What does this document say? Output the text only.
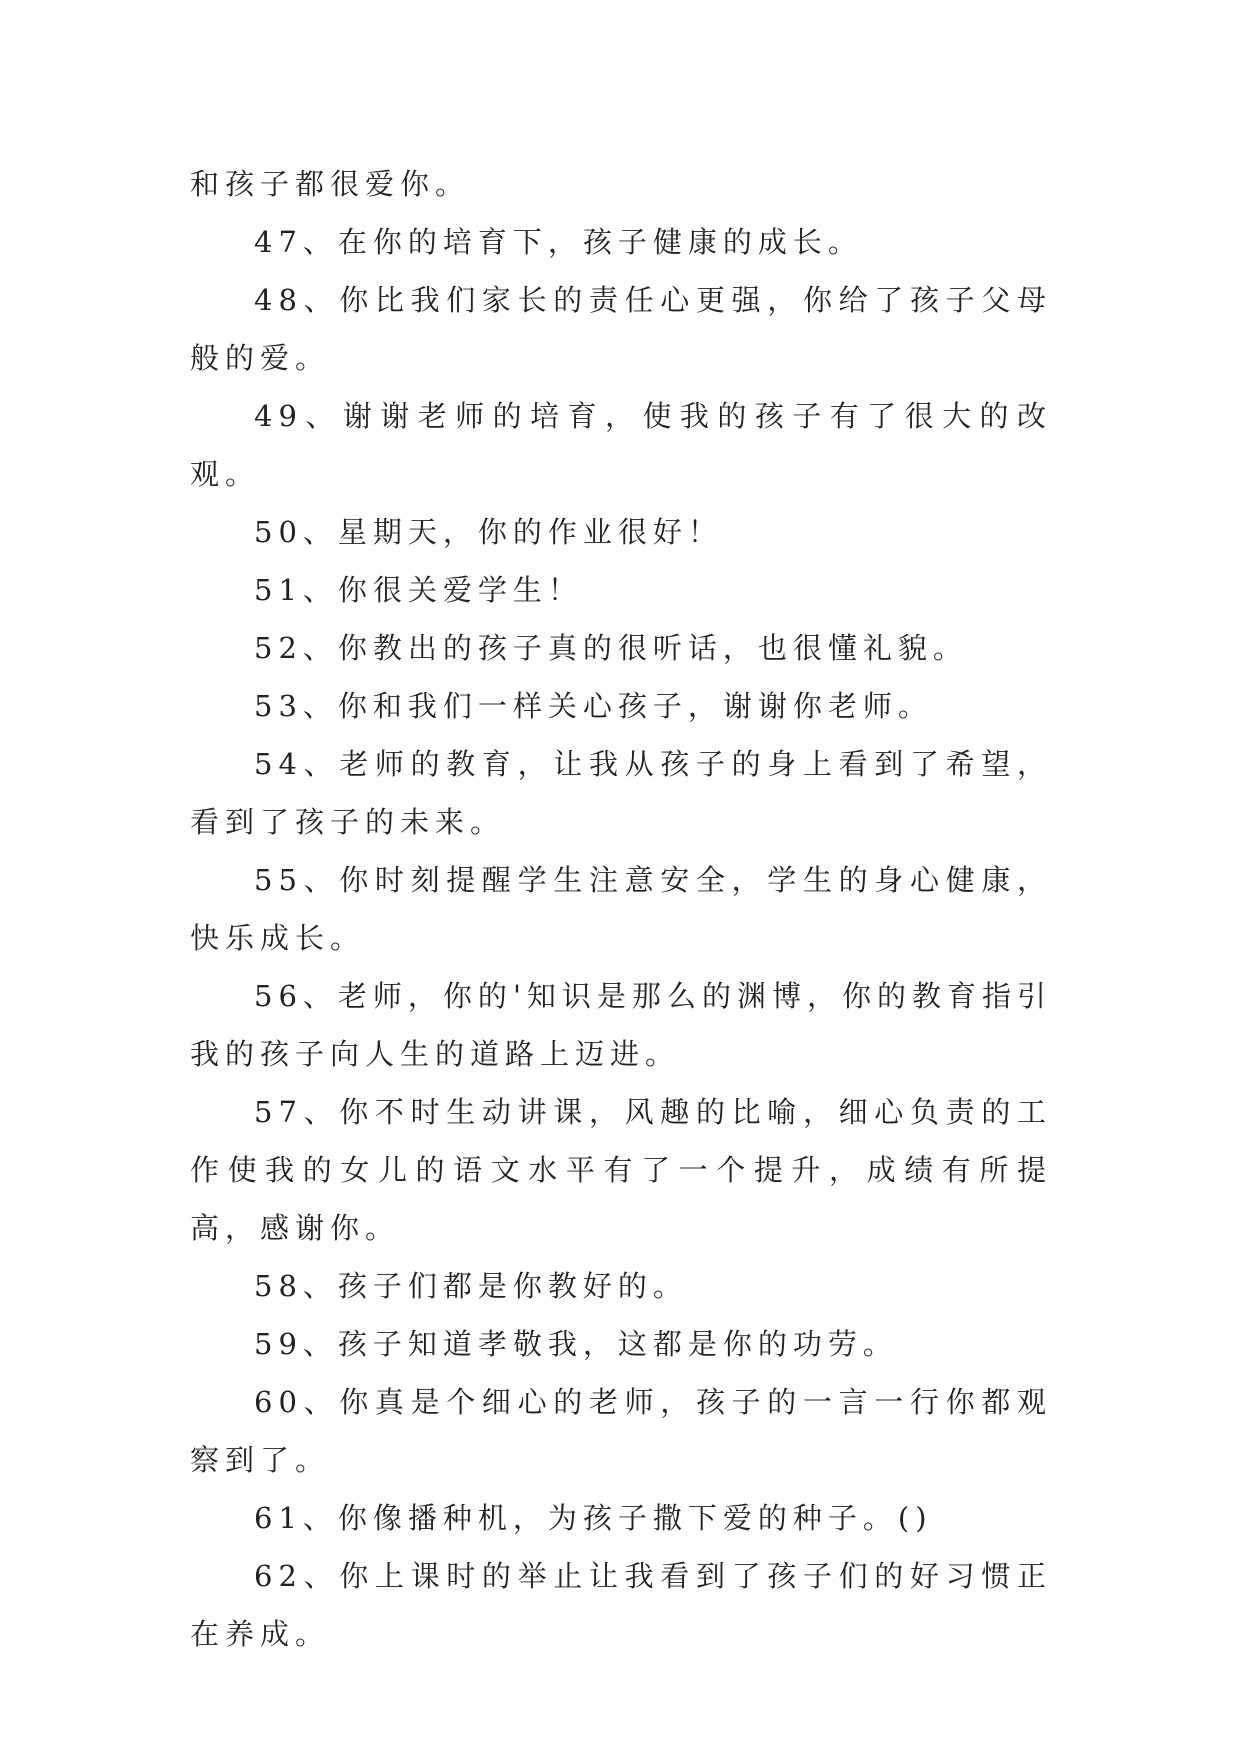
和孩子都很爱你。

47、在你的培育下，孩子健康的成长。

48、你比我们家长的责任心更强，你给了孩子父母般的爱。

49、谢谢老师的培育，使我的孩子有了很大的改观。

50、星期天，你的作业很好！

51、你很关爱学生！

52、你教出的孩子真的很听话，也很懂礼貌。

53、你和我们一样关心孩子，谢谢你老师。

54、老师的教育，让我从孩子的身上看到了希望，看到了孩子的未来。

55、你时刻提醒学生注意安全，学生的身心健康，快乐成长。

56、老师，你的'知识是那么的渊博，你的教育指引我的孩子向人生的道路上迈进。

57、你不时生动讲课，风趣的比喻，细心负责的工作使我的女儿的语文水平有了一个提升，成绩有所提高，感谢你。

58、孩子们都是你教好的。

59、孩子知道孝敬我，这都是你的功劳。

60、你真是个细心的老师，孩子的一言一行你都观察到了。

61、你像播种机，为孩子撒下爱的种子。()

62、你上课时的举止让我看到了孩子们的好习惯正在养成。
